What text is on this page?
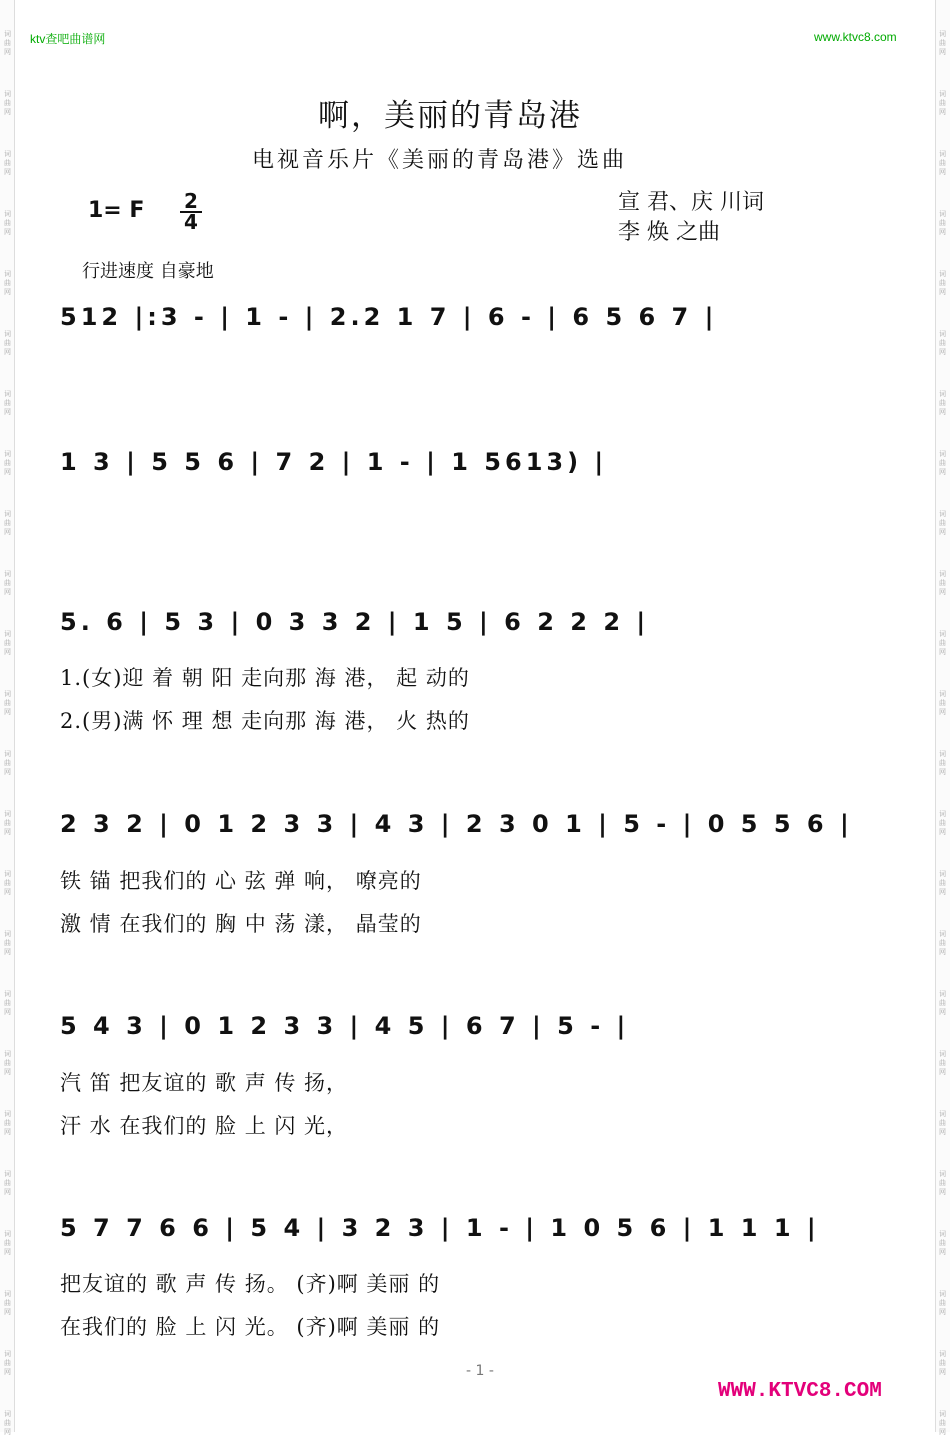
ktv查吧曲谱网	www.ktvc8.com
啊，美丽的青岛港
电视音乐片《美丽的青岛港》选曲
1= F 2
4
宣 君、庆 川词
李 焕 之曲
行进速度 自豪地
512 |:3 - | 1 - | 2.2 1 7 | 6 - | 6 5 6 7 |
1 3 | 5 5 6 | 7 2 | 1 - | 1 5613) |
5. 6 | 5 3 | 0 3 3 2 | 1 5 | 6 2 2 2 |
1.(女)迎 着 朝 阳 走向那 海 港， 起 动的
2.(男)满 怀 理 想 走向那 海 港， 火 热的
2 3 2 | 0 1 2 3 3 | 4 3 | 2 3 0 1 | 5 - | 0 5 5 6 |
铁 锚 把我们的 心 弦 弹 响， 嘹亮的
激 情 在我们的 胸 中 荡 漾， 晶莹的
5 4 3 | 0 1 2 3 3 | 4 5 | 6 7 | 5 - |
汽 笛 把友谊的 歌 声 传 扬，
汗 水 在我们的 脸 上 闪 光，
5 7 7 6 6 | 5 4 | 3 2 3 | 1 - | 1 0 5 6 | 1 1 1 |
把友谊的 歌 声 传 扬。 (齐)啊 美丽 的
在我们的 脸 上 闪 光。 (齐)啊 美丽 的
- 1 -
WWW.KTVC8.COM
词
曲
网
词
曲
网
词
曲
网
词
曲
网
词
曲
网
词
曲
网
词
曲
网
词
曲
网
词
曲
网
词
曲
网
词
曲
网
词
曲
网
词
曲
网
词
曲
网
词
曲
网
词
曲
网
词
曲
网
词
曲
网
词
曲
网
词
曲
网
词
曲
网
词
曲
网
词
曲
网
词
曲
网
词
曲
网
词
曲
网
词
曲
网
词
曲
网
词
曲
网
词
曲
网
词
曲
网
词
曲
网
词
曲
网
词
曲
网
词
曲
网
词
曲
网
词
曲
网
词
曲
网
词
曲
网
词
曲
网
词
曲
网
词
曲
网
词
曲
网
词
曲
网
词
曲
网
词
曲
网
词
曲
网
词
曲
网
